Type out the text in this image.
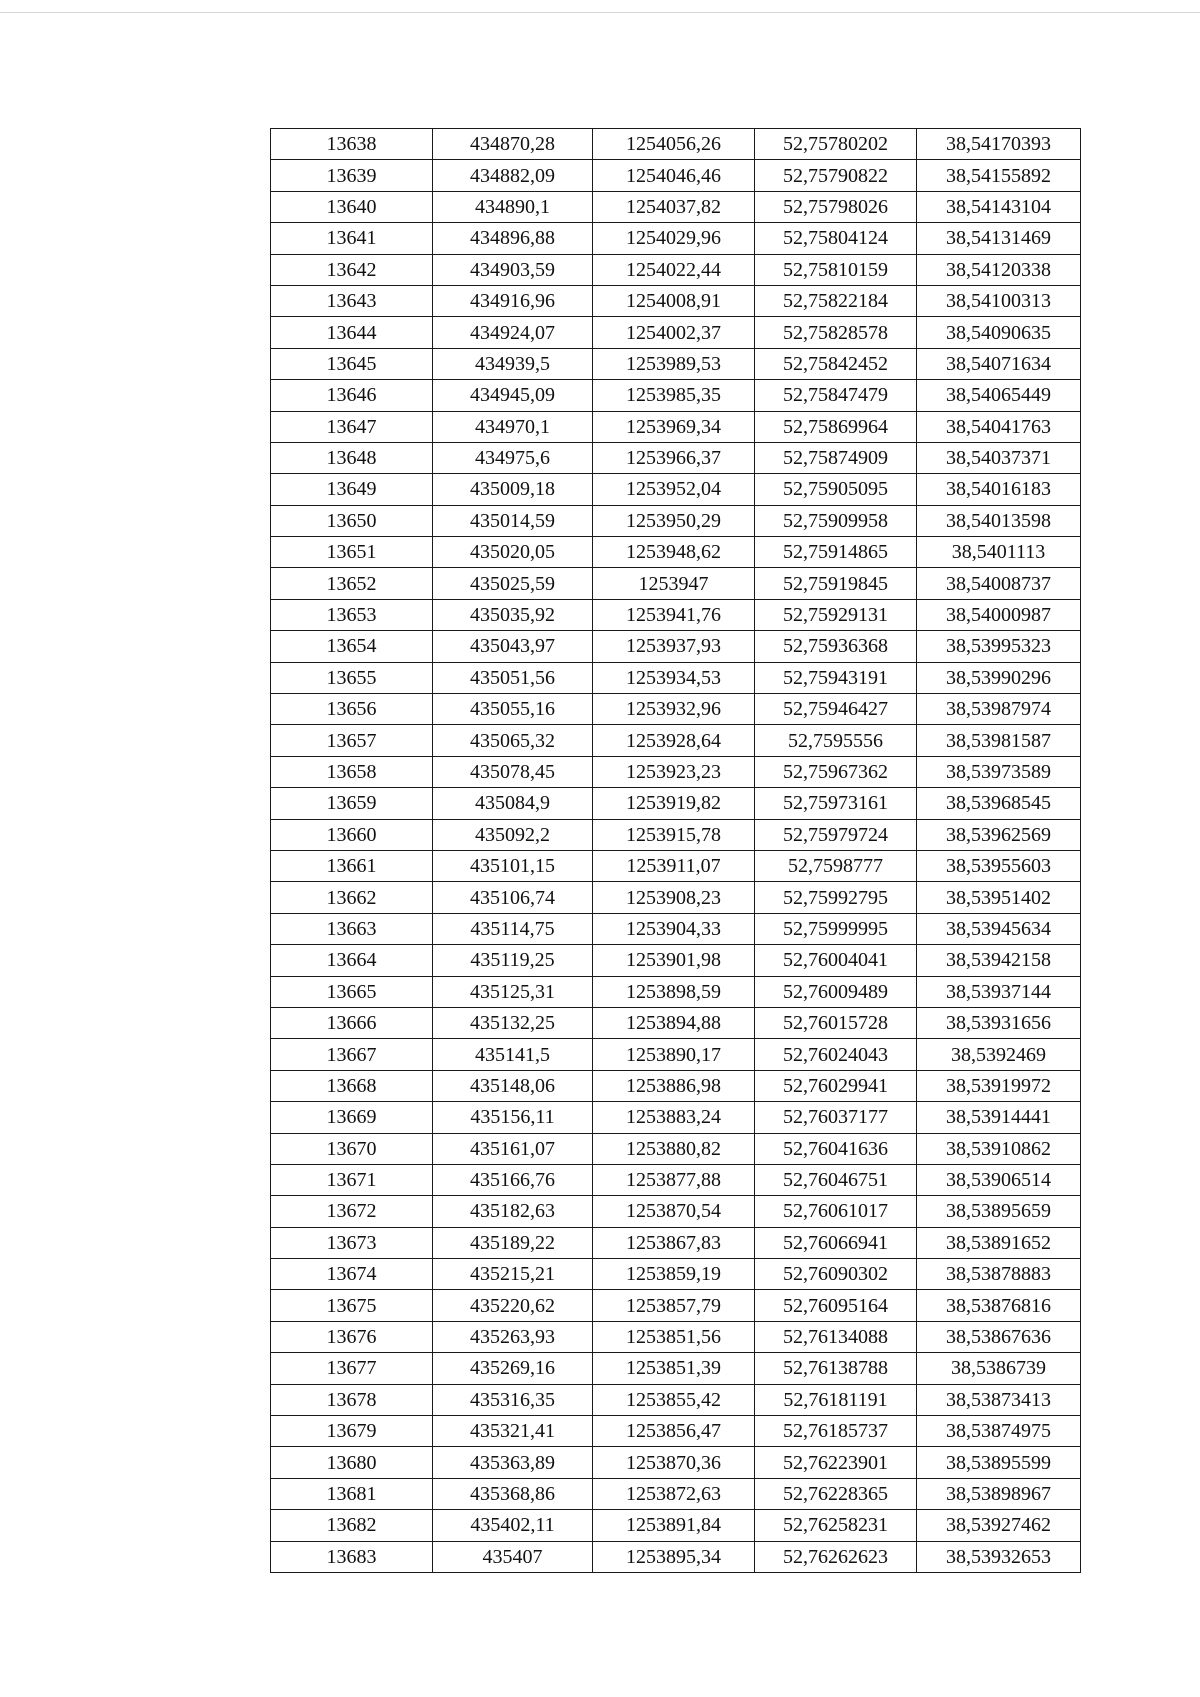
13638	434870,28	1254056,26	52,75780202	38,54170393
13639	434882,09	1254046,46	52,75790822	38,54155892
13640	434890,1	1254037,82	52,75798026	38,54143104
13641	434896,88	1254029,96	52,75804124	38,54131469
13642	434903,59	1254022,44	52,75810159	38,54120338
13643	434916,96	1254008,91	52,75822184	38,54100313
13644	434924,07	1254002,37	52,75828578	38,54090635
13645	434939,5	1253989,53	52,75842452	38,54071634
13646	434945,09	1253985,35	52,75847479	38,54065449
13647	434970,1	1253969,34	52,75869964	38,54041763
13648	434975,6	1253966,37	52,75874909	38,54037371
13649	435009,18	1253952,04	52,75905095	38,54016183
13650	435014,59	1253950,29	52,75909958	38,54013598
13651	435020,05	1253948,62	52,75914865	38,5401113
13652	435025,59	1253947	52,75919845	38,54008737
13653	435035,92	1253941,76	52,75929131	38,54000987
13654	435043,97	1253937,93	52,75936368	38,53995323
13655	435051,56	1253934,53	52,75943191	38,53990296
13656	435055,16	1253932,96	52,75946427	38,53987974
13657	435065,32	1253928,64	52,7595556	38,53981587
13658	435078,45	1253923,23	52,75967362	38,53973589
13659	435084,9	1253919,82	52,75973161	38,53968545
13660	435092,2	1253915,78	52,75979724	38,53962569
13661	435101,15	1253911,07	52,7598777	38,53955603
13662	435106,74	1253908,23	52,75992795	38,53951402
13663	435114,75	1253904,33	52,75999995	38,53945634
13664	435119,25	1253901,98	52,76004041	38,53942158
13665	435125,31	1253898,59	52,76009489	38,53937144
13666	435132,25	1253894,88	52,76015728	38,53931656
13667	435141,5	1253890,17	52,76024043	38,5392469
13668	435148,06	1253886,98	52,76029941	38,53919972
13669	435156,11	1253883,24	52,76037177	38,53914441
13670	435161,07	1253880,82	52,76041636	38,53910862
13671	435166,76	1253877,88	52,76046751	38,53906514
13672	435182,63	1253870,54	52,76061017	38,53895659
13673	435189,22	1253867,83	52,76066941	38,53891652
13674	435215,21	1253859,19	52,76090302	38,53878883
13675	435220,62	1253857,79	52,76095164	38,53876816
13676	435263,93	1253851,56	52,76134088	38,53867636
13677	435269,16	1253851,39	52,76138788	38,5386739
13678	435316,35	1253855,42	52,76181191	38,53873413
13679	435321,41	1253856,47	52,76185737	38,53874975
13680	435363,89	1253870,36	52,76223901	38,53895599
13681	435368,86	1253872,63	52,76228365	38,53898967
13682	435402,11	1253891,84	52,76258231	38,53927462
13683	435407	1253895,34	52,76262623	38,53932653
